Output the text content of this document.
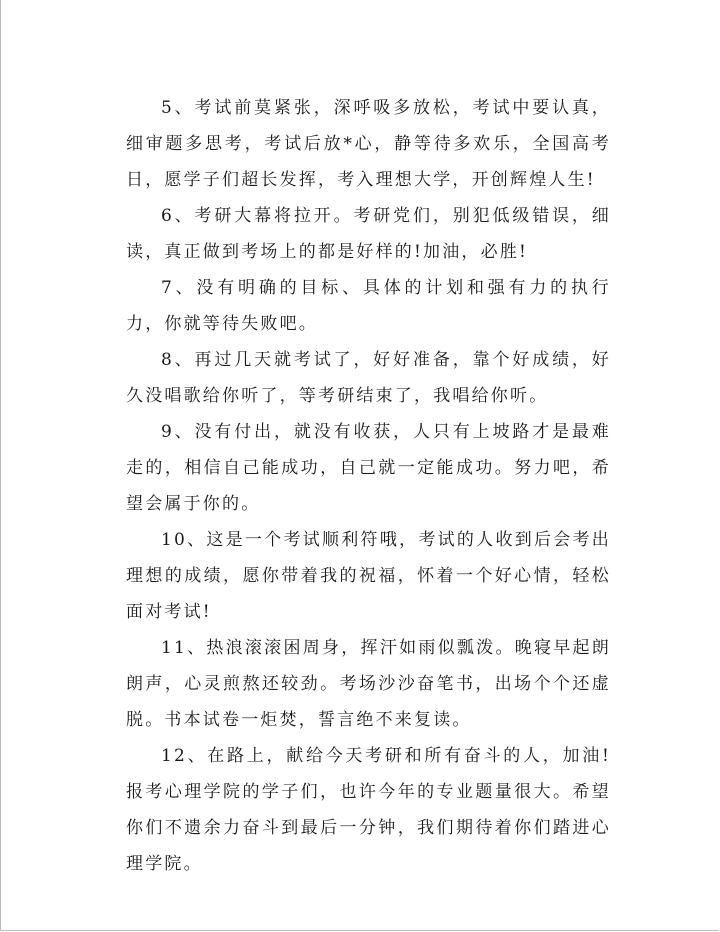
5、考试前莫紧张，深呼吸多放松，考试中要认真，细审题多思考，考试后放*心，静等待多欢乐，全国高考日，愿学子们超长发挥，考入理想大学，开创辉煌人生!

6、考研大幕将拉开。考研党们，别犯低级错误，细读，真正做到考场上的都是好样的!加油，必胜!

7、没有明确的目标、具体的计划和强有力的执行力，你就等待失败吧。

8、再过几天就考试了，好好准备，靠个好成绩，好久没唱歌给你听了，等考研结束了，我唱给你听。

9、没有付出，就没有收获，人只有上坡路才是最难走的，相信自己能成功，自己就一定能成功。努力吧，希望会属于你的。

10、这是一个考试顺利符哦，考试的人收到后会考出理想的成绩，愿你带着我的祝福，怀着一个好心情，轻松面对考试!

11、热浪滚滚困周身，挥汗如雨似瓢泼。晚寝早起朗朗声，心灵煎熬还较劲。考场沙沙奋笔书，出场个个还虚脱。书本试卷一炬焚，誓言绝不来复读。

12、在路上，献给今天考研和所有奋斗的人，加油!报考心理学院的学子们，也许今年的专业题量很大。希望你们不遗余力奋斗到最后一分钟，我们期待着你们踏进心理学院。
